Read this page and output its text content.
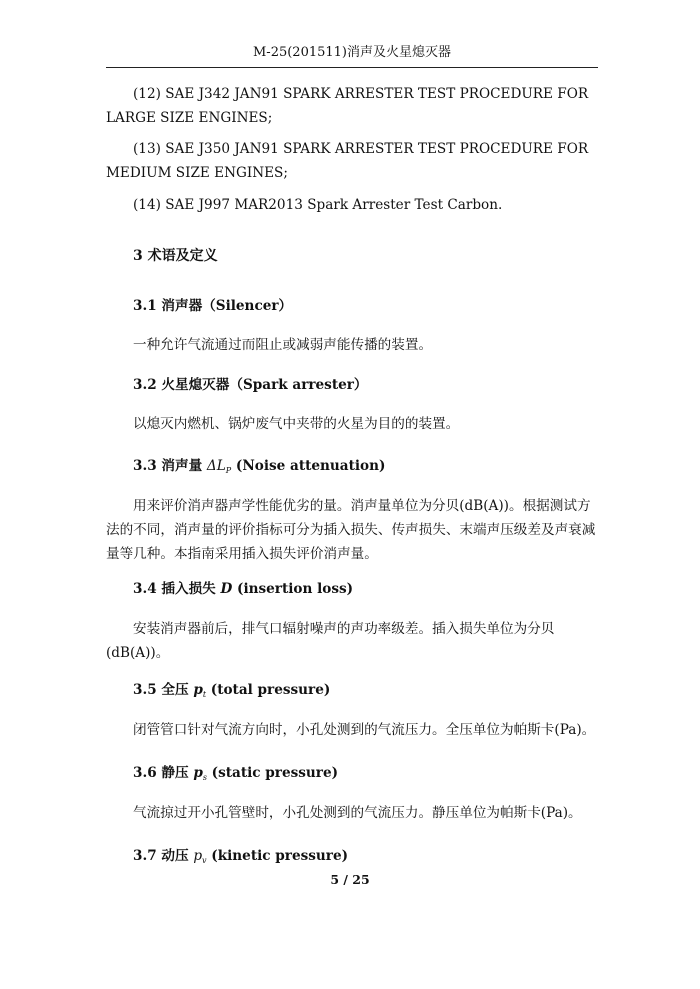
M-25(201511)消声及火星熄灭器

(12) SAE J342 JAN91 SPARK ARRESTER TEST PROCEDURE FOR LARGE SIZE ENGINES;

(13) SAE J350 JAN91 SPARK ARRESTER TEST PROCEDURE FOR MEDIUM SIZE ENGINES;

(14) SAE J997 MAR2013 Spark Arrester Test Carbon.

3 术语及定义

3.1 消声器（Silencer）

一种允许气流通过而阻止或减弱声能传播的装置。

3.2 火星熄灭器（Spark arrester）

以熄灭内燃机、锅炉废气中夹带的火星为目的的装置。

3.3 消声量 $\Delta L_P$ (Noise attenuation)

用来评价消声器声学性能优劣的量。消声量单位为分贝(dB(A))。根据测试方法的不同，消声量的评价指标可分为插入损失、传声损失、末端声压级差及声衰减量等几种。本指南采用插入损失评价消声量。

3.4 插入损失 D (insertion loss)

安装消声器前后，排气口辐射噪声的声功率级差。插入损失单位为分贝(dB(A))。

3.5 全压 $p_t$ (total pressure)

闭管管口针对气流方向时，小孔处测到的气流压力。全压单位为帕斯卡(Pa)。

3.6 静压 $p_s$ (static pressure)

气流掠过开小孔管壁时，小孔处测到的气流压力。静压单位为帕斯卡(Pa)。

3.7 动压 $p_v$ (kinetic pressure)

5 / 25
